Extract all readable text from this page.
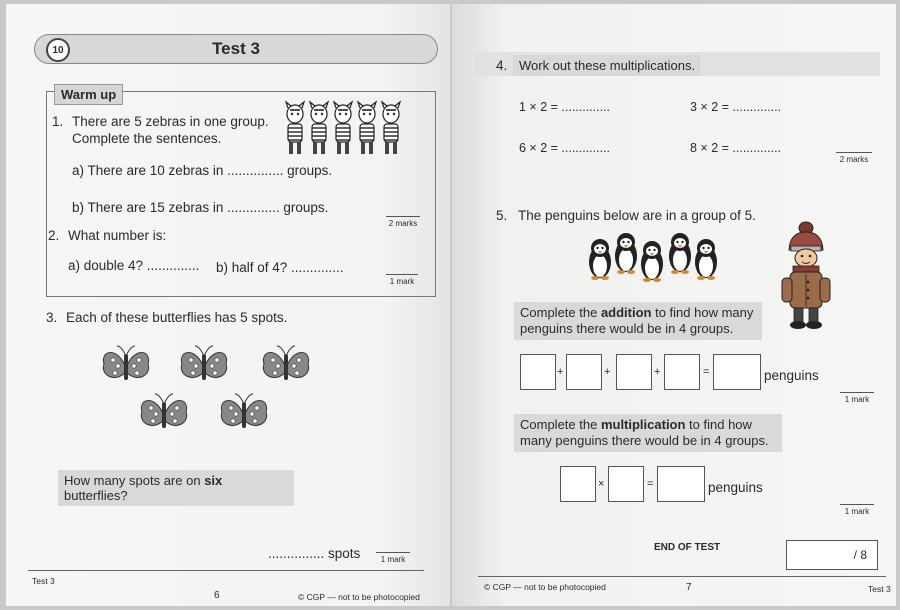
Test 3
10
Warm up
1. There are 5 zebras in one group.
Complete the sentences.
a) There are 10 zebras in ............... groups.
b) There are 15 zebras in .............. groups.
2 marks
2. What number is:
a) double 4? .............. b) half of 4? ..............
1 mark
3. Each of these butterflies has 5 spots.
How many spots are on six butterflies?
............... spots	1 mark
Test 3
6	© CGP — not to be photocopied
4. Work out these multiplications.
1 × 2 = ..............	3 × 2 = ..............
6 × 2 = ..............	8 × 2 = ..............
2 marks
5. The penguins below are in a group of 5.
Complete the addition to find how many
penguins there would be in 4 groups.
+	+	+	=	penguins
1 mark
Complete the multiplication to find how
many penguins there would be in 4 groups.
×	=	penguins
1 mark
END OF TEST
/ 8
© CGP — not to be photocopied	7	Test 3
